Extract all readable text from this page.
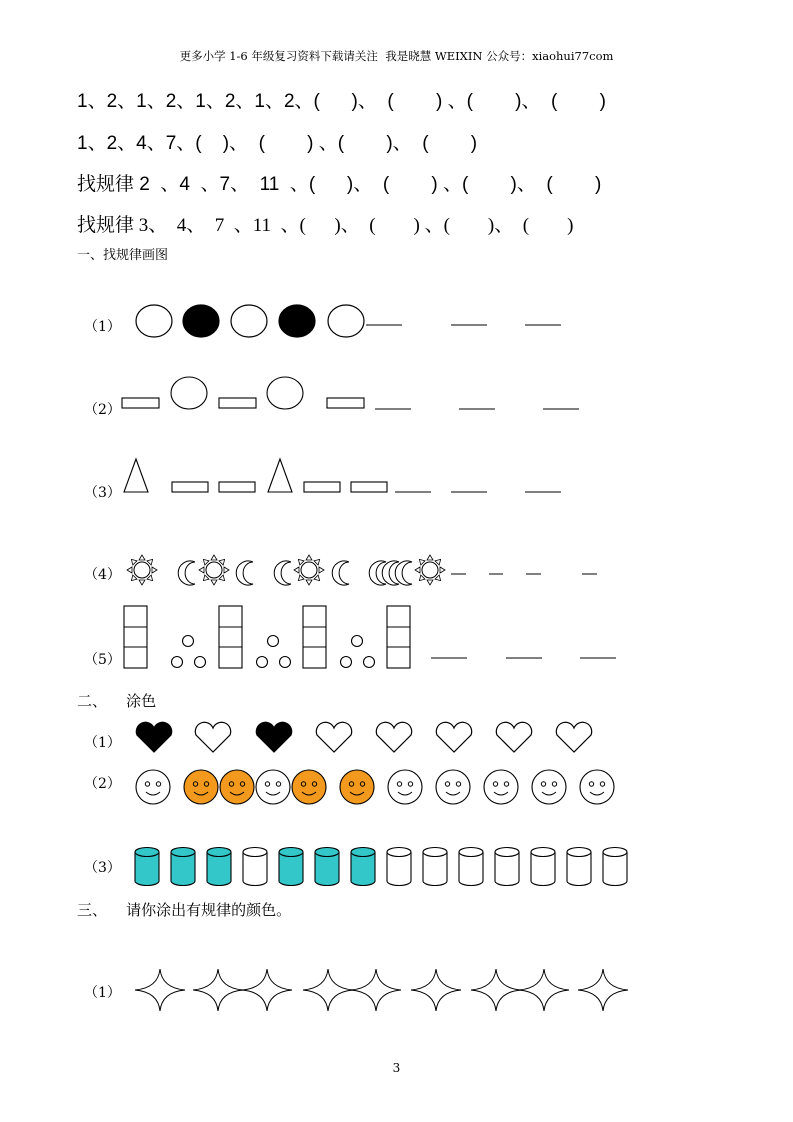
更多小学 1-6 年级复习资料下载请关注  我是晓慧 WEIXIN 公众号：xiaohui77com
1、2、1、2、1、2、1、2、(      )、  (        ) 、(        )、  (        )
1、2、4、7、(    )、  (        ) 、(        )、  (        )
找规律 2  、4  、7、  11  、(      )、  (        ) 、(        )、  (        )
找规律 3、  4、  7  、11  、(      )、  (        ) 、(        )、  (        )
一、找规律画图
（1）
（2）
（3）
（4）
（5）
二、    涂色
（1）
（2）
（3）
三、    请你涂出有规律的颜色。
（1）
3
